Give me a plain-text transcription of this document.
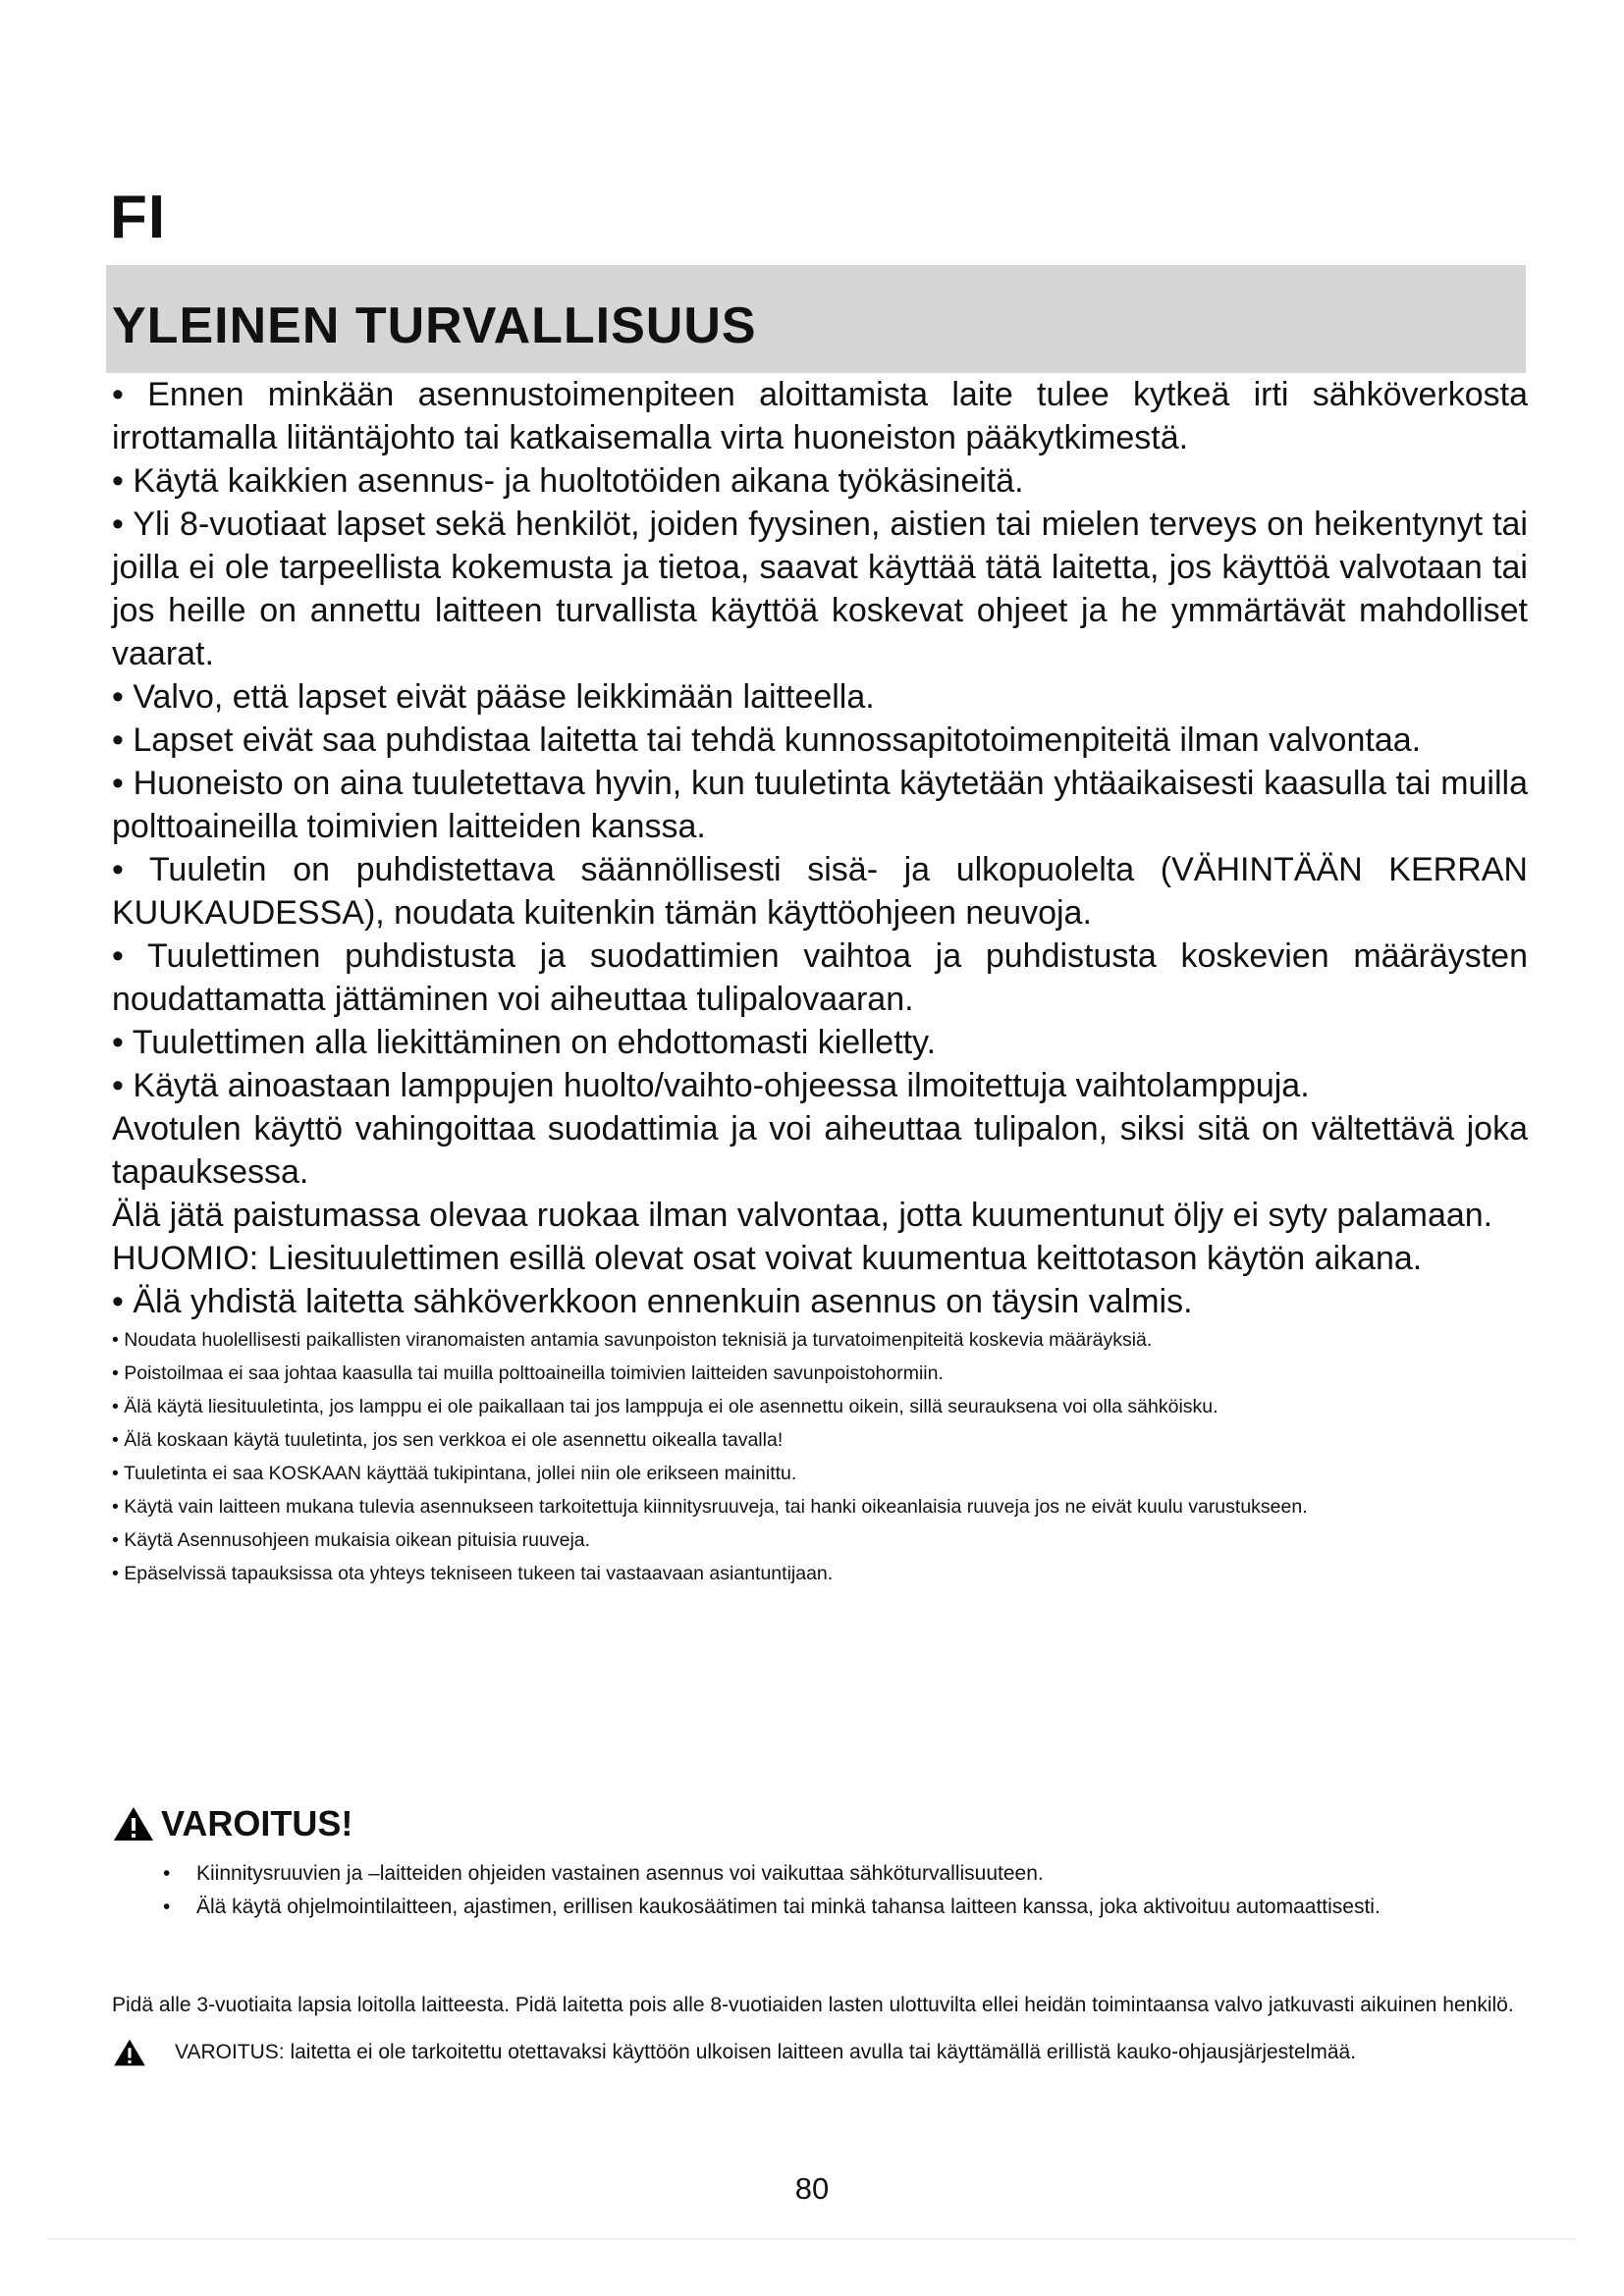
FI
YLEINEN TURVALLISUUS

• Ennen minkään asennustoimenpiteen aloittamista laite tulee kytkeä irti sähköverkosta irrottamalla liitäntäjohto tai katkaisemalla virta huoneiston pääkytkimestä.

• Käytä kaikkien asennus- ja huoltotöiden aikana työkäsineitä.

• Yli 8-vuotiaat lapset sekä henkilöt, joiden fyysinen, aistien tai mielen terveys on heikentynyt tai joilla ei ole tarpeellista kokemusta ja tietoa, saavat käyttää tätä laitetta, jos käyttöä valvotaan tai jos heille on annettu laitteen turvallista käyttöä koskevat ohjeet ja he ymmärtävät mahdolliset vaarat.

• Valvo, että lapset eivät pääse leikkimään laitteella.

• Lapset eivät saa puhdistaa laitetta tai tehdä kunnossapitotoimenpiteitä ilman valvontaa.

• Huoneisto on aina tuuletettava hyvin, kun tuuletinta käytetään yhtäaikaisesti kaasulla tai muilla polttoaineilla toimivien laitteiden kanssa.

• Tuuletin on puhdistettava säännöllisesti sisä- ja ulkopuolelta (VÄHINTÄÄN KERRAN KUUKAUDESSA), noudata kuitenkin tämän käyttöohjeen neuvoja.

• Tuulettimen puhdistusta ja suodattimien vaihtoa ja puhdistusta koskevien määräysten noudattamatta jättäminen voi aiheuttaa tulipalovaaran.

• Tuulettimen alla liekittäminen on ehdottomasti kielletty.

• Käytä ainoastaan lamppujen huolto/vaihto-ohjeessa ilmoitettuja vaihtolamppuja.

Avotulen käyttö vahingoittaa suodattimia ja voi aiheuttaa tulipalon, siksi sitä on vältettävä joka tapauksessa.

Älä jätä paistumassa olevaa ruokaa ilman valvontaa, jotta kuumentunut öljy ei syty palamaan.

HUOMIO: Liesituulettimen esillä olevat osat voivat kuumentua keittotason käytön aikana.

• Älä yhdistä laitetta sähköverkkoon ennenkuin asennus on täysin valmis.

• Noudata huolellisesti paikallisten viranomaisten antamia savunpoiston teknisiä ja turvatoimenpiteitä koskevia määräyksiä.

• Poistoilmaa ei saa johtaa kaasulla tai muilla polttoaineilla toimivien laitteiden savunpoistohormiin.

• Älä käytä liesituuletinta, jos lamppu ei ole paikallaan tai jos lamppuja ei ole asennettu oikein, sillä seurauksena voi olla sähköisku.

• Älä koskaan käytä tuuletinta, jos sen verkkoa ei ole asennettu oikealla tavalla!

• Tuuletinta ei saa KOSKAAN käyttää tukipintana, jollei niin ole erikseen mainittu.

• Käytä vain laitteen mukana tulevia asennukseen tarkoitettuja kiinnitysruuveja, tai hanki oikeanlaisia ruuveja jos ne eivät kuulu varustukseen.

• Käytä Asennusohjeen mukaisia oikean pituisia ruuveja.

• Epäselvissä tapauksissa ota yhteys tekniseen tukeen tai vastaavaan asiantuntijaan.

VAROITUS!
• Kiinnitysruuvien ja –laitteiden ohjeiden vastainen asennus voi vaikuttaa sähköturvallisuuteen.
• Älä käytä ohjelmointilaitteen, ajastimen, erillisen kaukosäätimen tai minkä tahansa laitteen kanssa, joka aktivoituu automaattisesti.

Pidä alle 3-vuotiaita lapsia loitolla laitteesta. Pidä laitetta pois alle 8-vuotiaiden lasten ulottuvilta ellei heidän toimintaansa valvo jatkuvasti aikuinen henkilö.

VAROITUS: laitetta ei ole tarkoitettu otettavaksi käyttöön ulkoisen laitteen avulla tai käyttämällä erillistä kauko-ohjausjärjestelmää.
80
